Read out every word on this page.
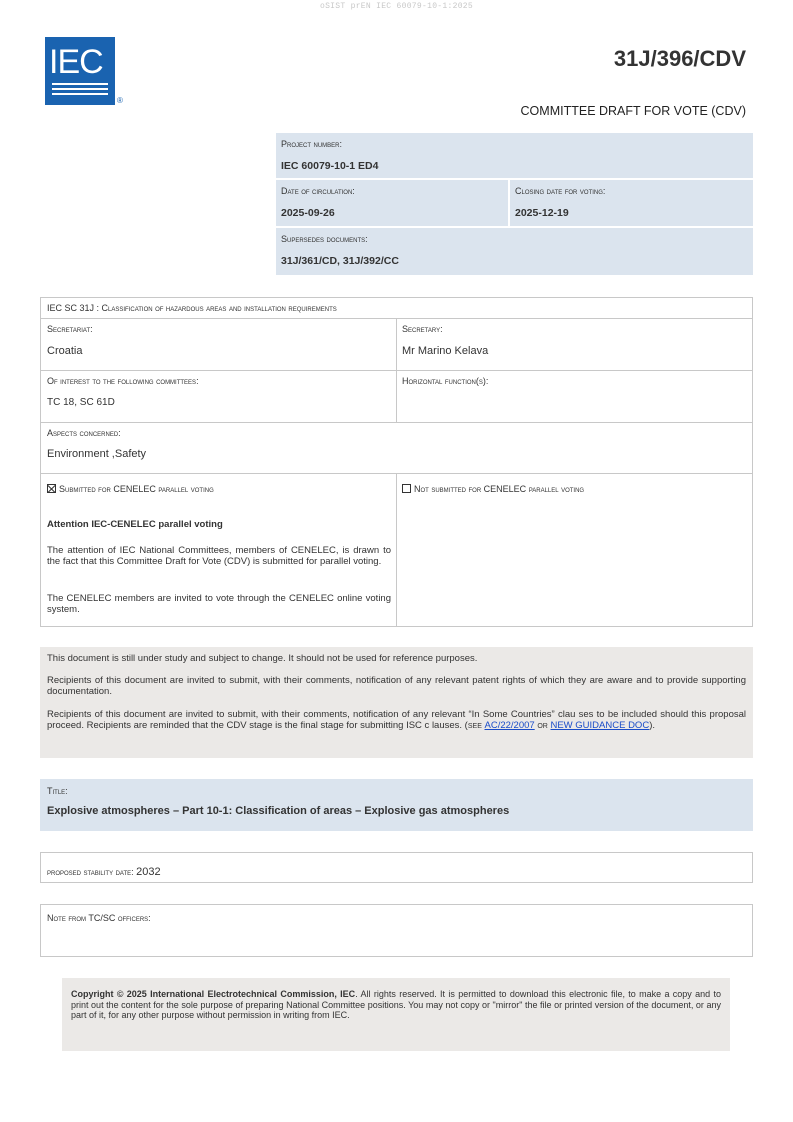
oSIST prEN IEC 60079-10-1:2025
IEC
®
31J/396/CDV
COMMITTEE DRAFT FOR VOTE (CDV)
Project number:
IEC 60079-10-1 ED4
Date of circulation:
2025-09-26
Closing date for voting:
2025-12-19
Supersedes documents:
31J/361/CD, 31J/392/CC
IEC SC 31J : Classification of hazardous areas and installation requirements
Secretariat:
Croatia
Secretary:
Mr Marino Kelava
Of interest to the following committees:
TC 18, SC 61D
Horizontal function(s):
Aspects concerned:
Environment ,Safety
Submitted for CENELEC parallel voting	Not submitted for CENELEC parallel voting
Attention IEC-CENELEC parallel voting
The attention of IEC National Committees, members of CENELEC, is drawn to the fact that this Committee Draft for Vote (CDV) is submitted for parallel voting.
The CENELEC members are invited to vote through the CENELEC online voting system.
This document is still under study and subject to change. It should not be used for reference purposes.
Recipients of this document are invited to submit, with their comments, notification of any relevant patent rights of which they are aware and to provide supporting documentation.
Recipients of this document are invited to submit, with their comments, notification of any relevant “In Some Countries” clau ses to be included should this proposal proceed. Recipients are reminded that the CDV stage is the final stage for submitting ISC c lauses. (see AC/22/2007 or NEW GUIDANCE DOC).
Title:
Explosive atmospheres – Part 10-1: Classification of areas – Explosive gas atmospheres
proposed stability date: 2032
Note from TC/SC officers:
Copyright © 2025 International Electrotechnical Commission, IEC. All rights reserved. It is permitted to download this electronic file, to make a copy and to print out the content for the sole purpose of preparing National Committee positions. You may not copy or "mirror" the file or printed version of the document, or any part of it, for any other purpose without permission in writing from IEC.
